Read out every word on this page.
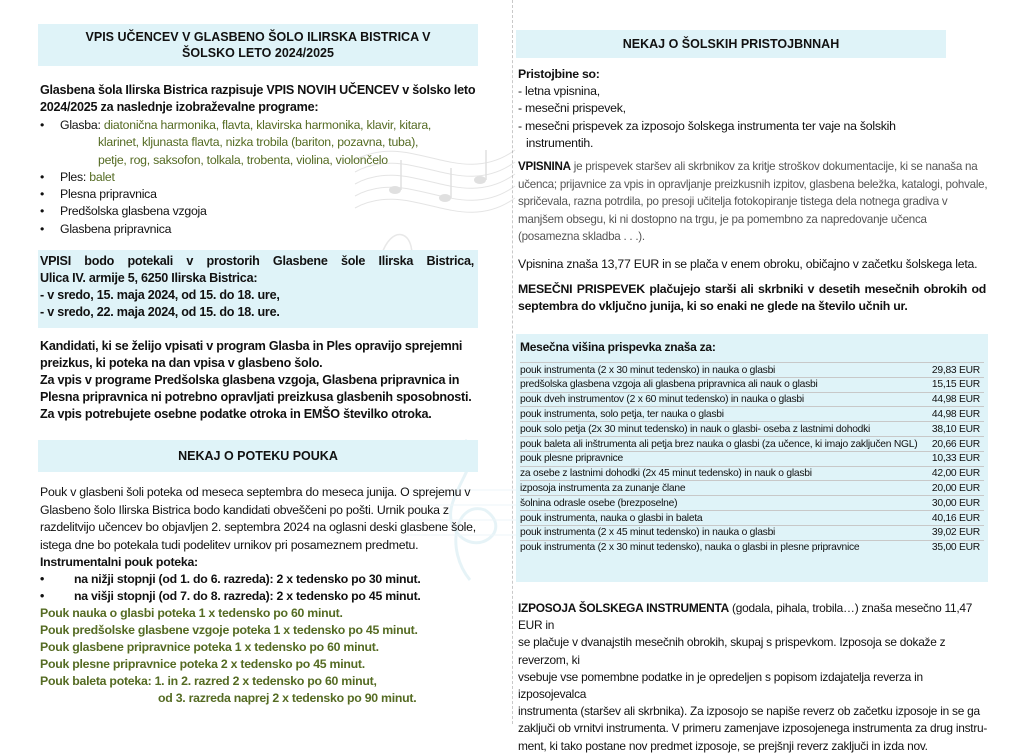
VPIS UČENCEV V GLASBENO ŠOLO ILIRSKA BISTRICA V ŠOLSKO LETO 2024/2025
Glasbena šola Ilirska Bistrica razpisuje VPIS NOVIH UČENCEV v šolsko leto
2024/2025 za naslednje izobraževalne programe:
• Glasba: diatonična harmonika, flavta, klavirska harmonika, klavir, kitara,
klarinet, kljunasta flavta, nizka trobila (bariton, pozavna, tuba),
petje, rog, saksofon, tolkala, trobenta, violina, violončelo
• Ples: balet
• Plesna pripravnica
• Predšolska glasbena vzgoja
• Glasbena pripravnica
VPISI bodo potekali v prostorih Glasbene šole Ilirska Bistrica,
Ulica IV. armije 5, 6250 Ilirska Bistrica:
- v sredo, 15. maja 2024, od 15. do 18. ure,
- v sredo, 22. maja 2024, od 15. do 18. ure.
Kandidati, ki se želijo vpisati v program Glasba in Ples opravijo sprejemni
preizkus, ki poteka na dan vpisa v glasbeno šolo.
Za vpis v programe Predšolska glasbena vzgoja, Glasbena pripravnica in
Plesna pripravnica ni potrebno opravljati preizkusa glasbenih sposobnosti.
Za vpis potrebujete osebne podatke otroka in EMŠO številko otroka.
NEKAJ O POTEKU POUKA
Pouk v glasbeni šoli poteka od meseca septembra do meseca junija. O sprejemu v
Glasbeno šolo Ilirska Bistrica bodo kandidati obveščeni po pošti. Urnik pouka z
razdelitvijo učencev bo objavljen 2. septembra 2024 na oglasni deski glasbene šole,
istega dne bo potekala tudi podelitev urnikov pri posameznem predmetu.
Instrumentalni pouk poteka:
• na nižji stopnji (od 1. do 6. razreda): 2 x tedensko po 30 minut.
• na višji stopnji (od 7. do 8. razreda): 2 x tedensko po 45 minut.
Pouk nauka o glasbi poteka 1 x tedensko po 60 minut.
Pouk predšolske glasbene vzgoje poteka 1 x tedensko po 45 minut.
Pouk glasbene pripravnice poteka 1 x tedensko po 60 minut.
Pouk plesne pripravnice poteka 2 x tedensko po 45 minut.
Pouk baleta poteka: 1. in 2. razred 2 x tedensko po 60 minut,
od 3. razreda naprej 2 x tedensko po 90 minut.
NEKAJ O ŠOLSKIH PRISTOJBNNAH
Pristojbine so:
- letna vpisnina,
- mesečni prispevek,
- mesečni prispevek za izposojo šolskega instrumenta ter vaje na šolskih
instrumentih.
VPISNINA je prispevek staršev ali skrbnikov za kritje stroškov dokumentacije, ki se nanaša na
učenca; prijavnice za vpis in opravljanje preizkusnih izpitov, glasbena beležka, katalogi, pohvale,
spričevala, razna potrdila, po presoji učitelja fotokopiranje tistega dela notnega gradiva v
manjšem obsegu, ki ni dostopno na trgu, je pa pomembno za napredovanje učenca
(posamezna skladba . . .).
Vpisnina znaša 13,77 EUR in se plača v enem obroku, običajno v začetku šolskega leta.
MESEČNI PRISPEVEK plačujejo starši ali skrbniki v desetih mesečnih obrokih od
septembra do vključno junija, ki so enaki ne glede na število učnih ur.
Mesečna višina prispevka znaša za:
pouk instrumenta (2 x 30 minut tedensko) in nauka o glasbi	29,83 EUR
predšolska glasbena vzgoja ali glasbena pripravnica ali nauk o glasbi	15,15 EUR
pouk dveh instrumentov (2 x 60 minut tedensko) in nauka o glasbi	44,98 EUR
pouk instrumenta, solo petja, ter nauka o glasbi	44,98 EUR
pouk solo petja (2x 30 minut tedensko) in nauk o glasbi- oseba z lastnimi dohodki	38,10 EUR
pouk baleta ali inštrumenta ali petja brez nauka o glasbi (za učence, ki imajo zaključen NGL) 20,66 EUR
pouk plesne pripravnice	10,33 EUR
za osebe z lastnimi dohodki (2x 45 minut tedensko) in nauk o glasbi	42,00 EUR
izposoja instrumenta za zunanje člane	20,00 EUR
šolnina odrasle osebe (brezposelne)	30,00 EUR
pouk instrumenta, nauka o glasbi in baleta	40,16 EUR
pouk instrumenta (2 x 45 minut tedensko) in nauka o glasbi	39,02 EUR
pouk instrumenta (2 x 30 minut tedensko), nauka o glasbi in plesne pripravnice	35,00 EUR
IZPOSOJA ŠOLSKEGA INSTRUMENTA (godala, pihala, trobila…) znaša mesečno 11,47 EUR in
se plačuje v dvanajstih mesečnih obrokih, skupaj s prispevkom. Izposoja se dokaže z reverzom, ki
vsebuje vse pomembne podatke in je opredeljen s popisom izdajatelja reverza in izposojevalca
instrumenta (staršev ali skrbnika). Za izposojo se napiše reverz ob začetku izposoje in se ga
zaključi ob vrnitvi instrumenta. V primeru zamenjave izposojenega instrumenta za drug instru-
ment, ki tako postane nov predmet izposoje, se prejšnji reverz zaključi in izda nov.
